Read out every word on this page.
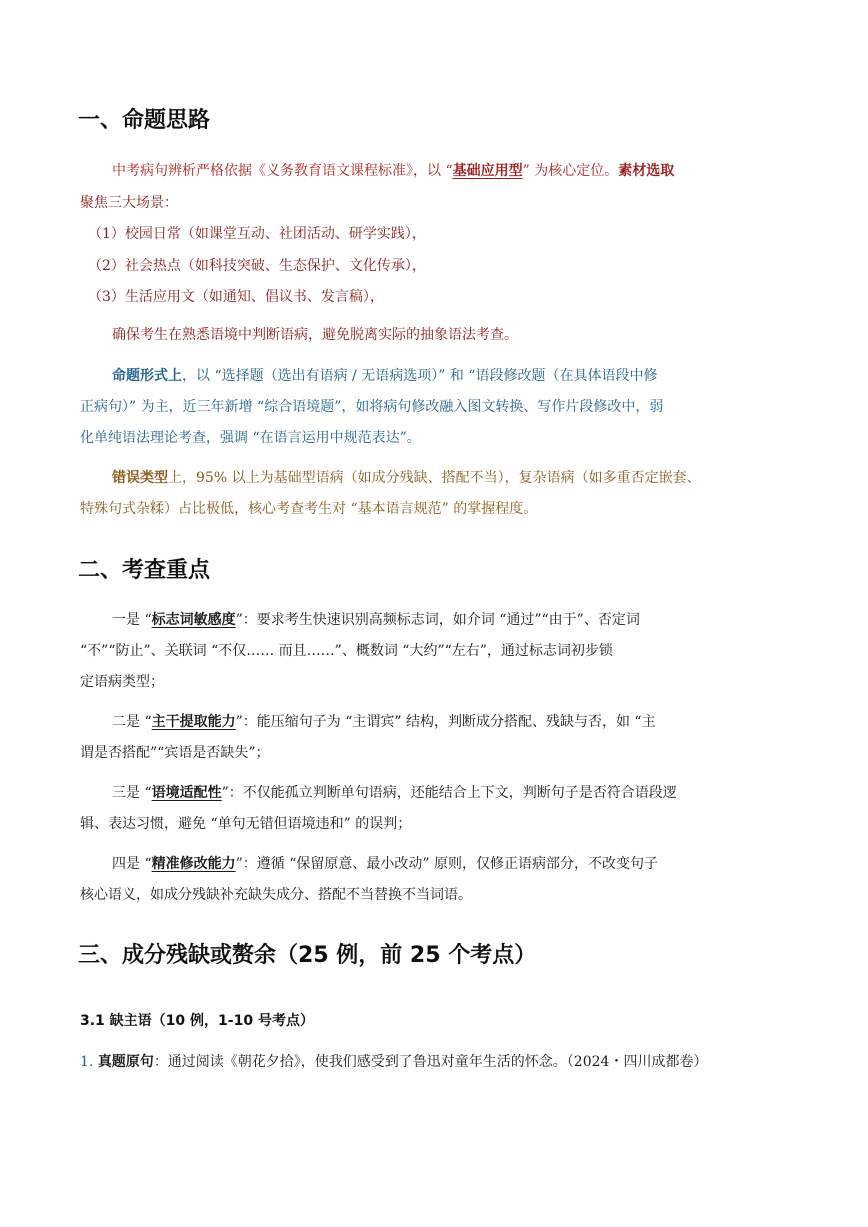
一、命题思路

中考病句辨析严格依据《义务教育语文课程标准》，以 “基础应用型” 为核心定位。素材选取

聚焦三大场景：

（1）校园日常（如课堂互动、社团活动、研学实践），

（2）社会热点（如科技突破、生态保护、文化传承），

（3）生活应用文（如通知、倡议书、发言稿），

确保考生在熟悉语境中判断语病，避免脱离实际的抽象语法考查。

命题形式上，以 “选择题（选出有语病 / 无语病选项）” 和 “语段修改题（在具体语段中修

正病句）” 为主，近三年新增 “综合语境题”，如将病句修改融入图文转换、写作片段修改中，弱

化单纯语法理论考查，强调 “在语言运用中规范表达”。

错误类型上，95% 以上为基础型语病（如成分残缺、搭配不当），复杂语病（如多重否定嵌套、

特殊句式杂糅）占比极低，核心考查考生对 “基本语言规范” 的掌握程度。

二、考查重点

一是 “标志词敏感度”：要求考生快速识别高频标志词，如介词 “通过”“由于”、否定词

“不”“防止”、关联词 “不仅…… 而且……”、概数词 “大约”“左右”，通过标志词初步锁

定语病类型；

二是 “主干提取能力”：能压缩句子为 “主谓宾” 结构，判断成分搭配、残缺与否，如 “主

谓是否搭配”“宾语是否缺失”；

三是 “语境适配性”：不仅能孤立判断单句语病，还能结合上下文，判断句子是否符合语段逻

辑、表达习惯，避免 “单句无错但语境违和” 的误判；

四是 “精准修改能力”：遵循 “保留原意、最小改动” 原则，仅修正语病部分，不改变句子

核心语义，如成分残缺补充缺失成分、搭配不当替换不当词语。

三、成分残缺或赘余（25 例，前 25 个考点）

3.1 缺主语（10 例，1-10 号考点）

1. 真题原句：通过阅读《朝花夕拾》，使我们感受到了鲁迅对童年生活的怀念。（2024・四川成都卷）
